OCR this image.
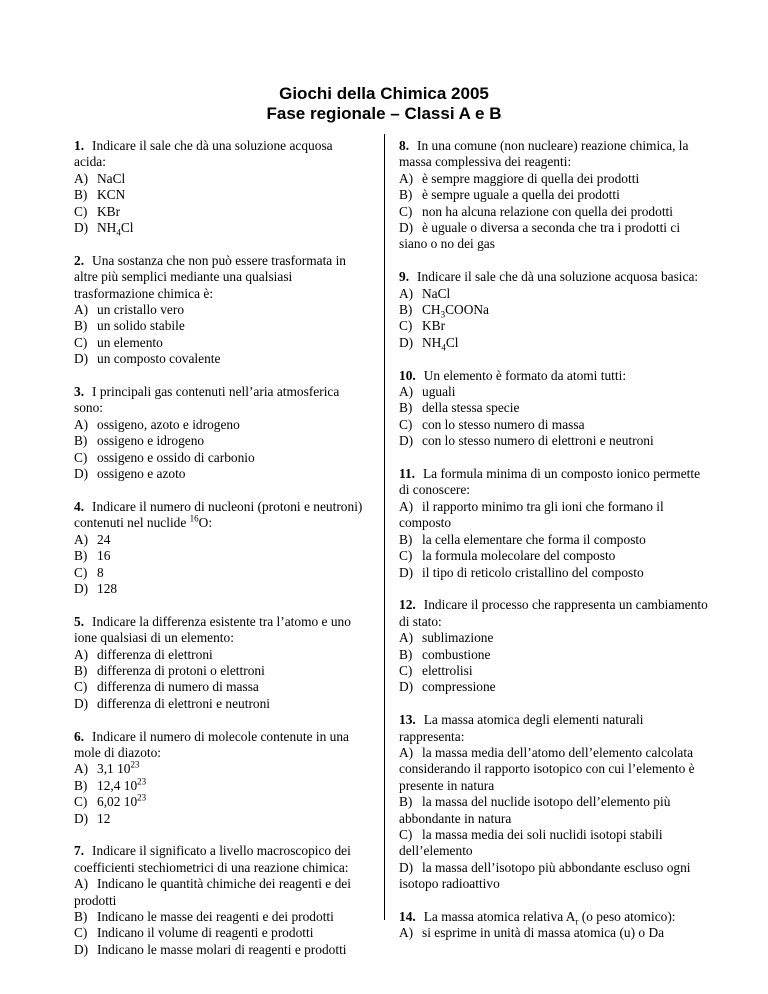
Giochi della Chimica 2005
Fase regionale – Classi A e B

1. Indicare il sale che dà una soluzione acquosa acida:

A) NaCl

B) KCN

C) KBr

D) $NH_4Cl$

2. Una sostanza che non può essere trasformata in altre più semplici mediante una qualsiasi trasformazione chimica è:

A) un cristallo vero

B) un solido stabile

C) un elemento

D) un composto covalente

3. I principali gas contenuti nell’aria atmosferica sono:

A) ossigeno, azoto e idrogeno

B) ossigeno e idrogeno

C) ossigeno e ossido di carbonio

D) ossigeno e azoto

4. Indicare il numero di nucleoni (protoni e neutroni) contenuti nel nuclide $^{16}$O:

A) 24

B) 16

C) 8

D) 128

5. Indicare la differenza esistente tra l’atomo e uno ione qualsiasi di un elemento:

A) differenza di elettroni

B) differenza di protoni o elettroni

C) differenza di numero di massa

D) differenza di elettroni e neutroni

6. Indicare il numero di molecole contenute in una mole di diazoto:

A) 3,1 $10^{23}$

B) 12,4 $10^{23}$

C) 6,02 $10^{23}$

D) 12

7. Indicare il significato a livello macroscopico dei coefficienti stechiometrici di una reazione chimica:

A) Indicano le quantità chimiche dei reagenti e dei prodotti

B) Indicano le masse dei reagenti e dei prodotti

C) Indicano il volume di reagenti e prodotti

D) Indicano le masse molari di reagenti e prodotti

8. In una comune (non nucleare) reazione chimica, la massa complessiva dei reagenti:

A) è sempre maggiore di quella dei prodotti

B) è sempre uguale a quella dei prodotti

C) non ha alcuna relazione con quella dei prodotti

D) è uguale o diversa a seconda che tra i prodotti ci siano o no dei gas

9. Indicare il sale che dà una soluzione acquosa basica:

A) NaCl

B) $CH_3COONa$

C) KBr

D) $NH_4Cl$

10. Un elemento è formato da atomi tutti:

A) uguali

B) della stessa specie

C) con lo stesso numero di massa

D) con lo stesso numero di elettroni e neutroni

11. La formula minima di un composto ionico permette di conoscere:

A) il rapporto minimo tra gli ioni che formano il composto

B) la cella elementare che forma il composto

C) la formula molecolare del composto

D) il tipo di reticolo cristallino del composto

12. Indicare il processo che rappresenta un cambiamento di stato:

A) sublimazione

B) combustione

C) elettrolisi

D) compressione

13. La massa atomica degli elementi naturali rappresenta:

A) la massa media dell’atomo dell’elemento calcolata considerando il rapporto isotopico con cui l’elemento è presente in natura

B) la massa del nuclide isotopo dell’elemento più abbondante in natura

C) la massa media dei soli nuclidi isotopi stabili dell’elemento

D) la massa dell’isotopo più abbondante escluso ogni isotopo radioattivo

14. La massa atomica relativa $A_r$ (o peso atomico):

A) si esprime in unità di massa atomica (u) o Da
